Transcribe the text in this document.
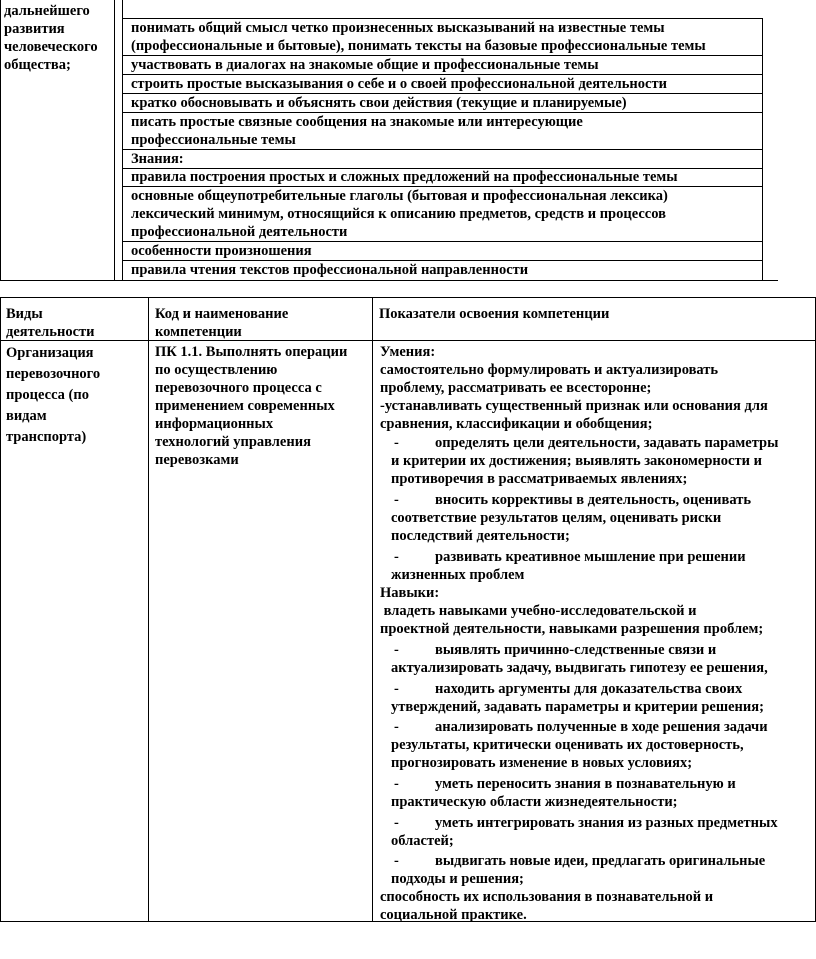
дальнейшего
развития
человеческого
общества;
понимать общий смысл четко произнесенных высказываний на известные темы
(профессиональные и бытовые), понимать тексты на базовые профессиональные темы
участвовать в диалогах на знакомые общие и профессиональные темы
строить простые высказывания о себе и о своей профессиональной деятельности
кратко обосновывать и объяснять свои действия (текущие и планируемые)
писать простые связные сообщения на знакомые или интересующие
профессиональные темы
Знания:
правила построения простых и сложных предложений на профессиональные темы
основные общеупотребительные глаголы (бытовая и профессиональная лексика)
лексический минимум, относящийся к описанию предметов, средств и процессов
профессиональной деятельности
особенности произношения
правила чтения текстов профессиональной направленности
Виды
деятельности
Код и наименование
компетенции
Показатели освоения компетенции
Организация
перевозочного
процесса (по
видам
транспорта)
ПК 1.1. Выполнять операции
по осуществлению
перевозочного процесса с
применением современных
информационных
технологий управления
перевозками
Умения:
самостоятельно формулировать и актуализировать
проблему, рассматривать ее всесторонне;
-устанавливать существенный признак или основания для
сравнения, классификации и обобщения;
- определять цели деятельности, задавать параметры
и критерии их достижения; выявлять закономерности и
противоречия в рассматриваемых явлениях;
- вносить коррективы в деятельность, оценивать
соответствие результатов целям, оценивать риски
последствий деятельности;
- развивать креативное мышление при решении
жизненных проблем
Навыки:
владеть навыками учебно-исследовательской и
проектной деятельности, навыками разрешения проблем;
- выявлять причинно-следственные связи и
актуализировать задачу, выдвигать гипотезу ее решения,
- находить аргументы для доказательства своих
утверждений, задавать параметры и критерии решения;
- анализировать полученные в ходе решения задачи
результаты, критически оценивать их достоверность,
прогнозировать изменение в новых условиях;
- уметь переносить знания в познавательную и
практическую области жизнедеятельности;
- уметь интегрировать знания из разных предметных
областей;
- выдвигать новые идеи, предлагать оригинальные
подходы и решения;
способность их использования в познавательной и
социальной практике.
